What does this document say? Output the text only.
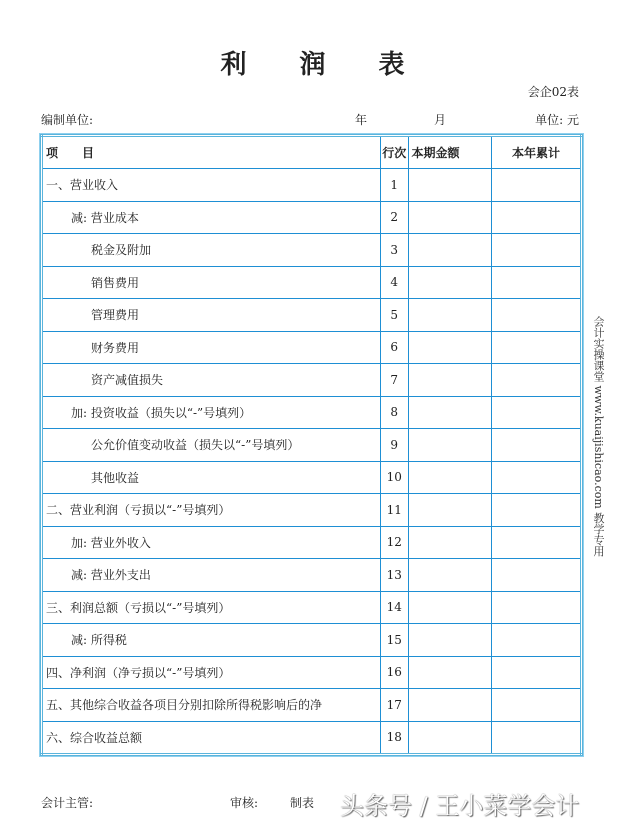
利 润 表
会企02表
编制单位:	年	月	单位: 元
项　　目	行次	本期金额	本年累计
一、营业收入	1		
减: 营业成本	2		
税金及附加	3		
销售费用	4		
管理费用	5		
财务费用	6		
资产减值损失	7		
加: 投资收益（损失以“-”号填列）	8		
公允价值变动收益（损失以“-”号填列）	9		
其他收益	10		
二、营业利润（亏损以“-”号填列）	11		
加: 营业外收入	12		
减: 营业外支出	13		
三、利润总额（亏损以“-”号填列）	14		
减: 所得税	15		
四、净利润（净亏损以“-”号填列）	16		
五、其他综合收益各项目分别扣除所得税影响后的净	17		
六、综合收益总额	18		
会计实操课堂 www.kuaijishicao.com 教学专用
会计主管:	审核:	制表 头条号 / 王小菜学会计
